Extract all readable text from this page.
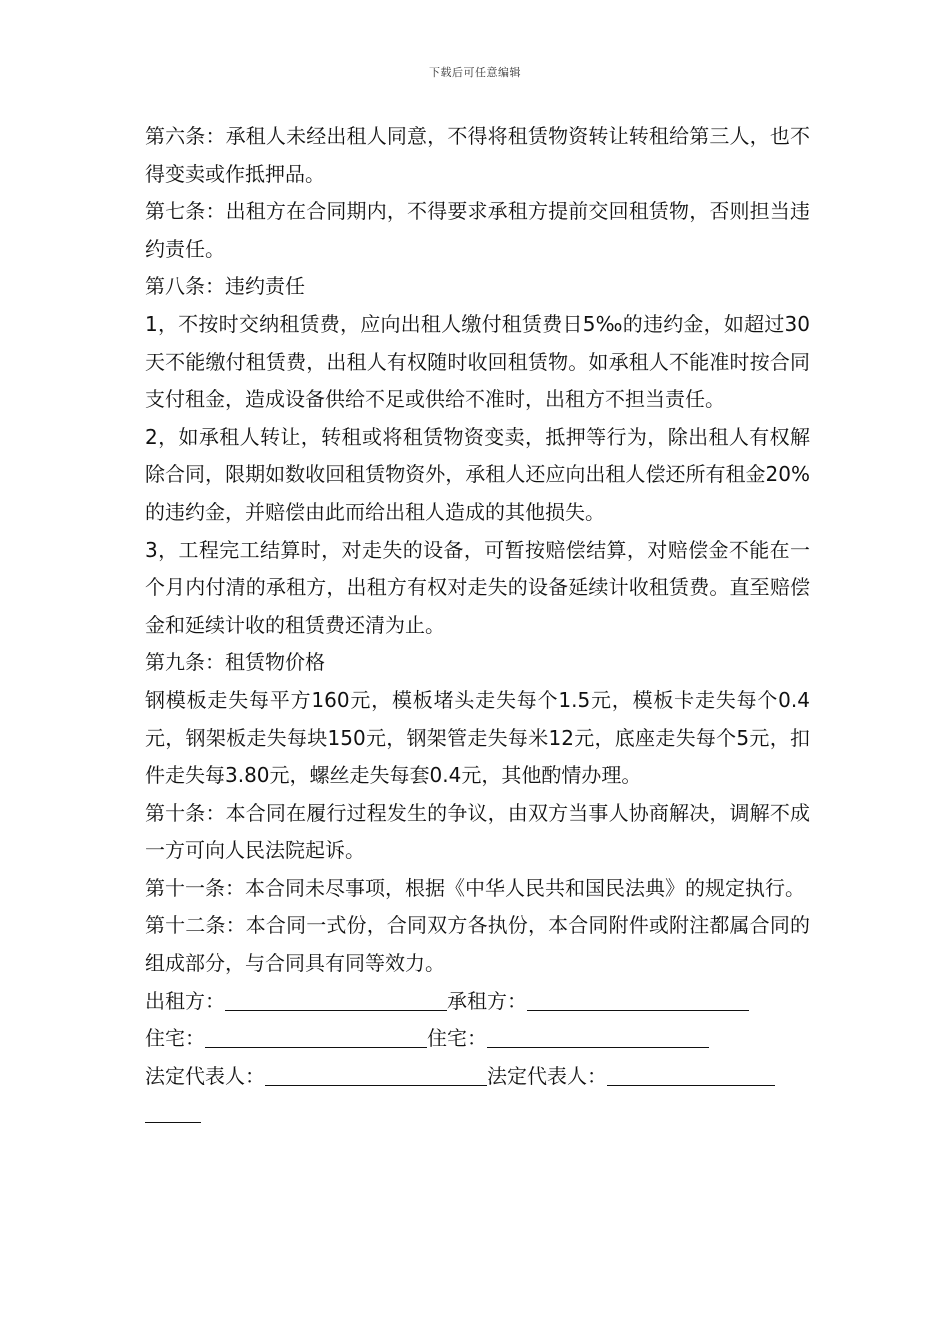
下载后可任意编辑

第六条：承租人未经出租人同意，不得将租赁物资转让转租给第三人，也不得变卖或作抵押品。

第七条：出租方在合同期内，不得要求承租方提前交回租赁物，否则担当违约责任。

第八条：违约责任

1，不按时交纳租赁费，应向出租人缴付租赁费日5‰的违约金，如超过30天不能缴付租赁费，出租人有权随时收回租赁物。如承租人不能准时按合同支付租金，造成设备供给不足或供给不准时，出租方不担当责任。

2，如承租人转让，转租或将租赁物资变卖，抵押等行为，除出租人有权解除合同，限期如数收回租赁物资外，承租人还应向出租人偿还所有租金20%的违约金，并赔偿由此而给出租人造成的其他损失。

3，工程完工结算时，对走失的设备，可暂按赔偿结算，对赔偿金不能在一个月内付清的承租方，出租方有权对走失的设备延续计收租赁费。直至赔偿金和延续计收的租赁费还清为止。

第九条：租赁物价格

钢模板走失每平方160元，模板堵头走失每个1.5元，模板卡走失每个0.4元，钢架板走失每块150元，钢架管走失每米12元，底座走失每个5元，扣件走失每3.80元，螺丝走失每套0.4元，其他酌情办理。

第十条：本合同在履行过程发生的争议，由双方当事人协商解决，调解不成一方可向人民法院起诉。

第十一条：本合同未尽事项，根据《中华人民共和国民法典》的规定执行。

第十二条：本合同一式份，合同双方各执份，本合同附件或附注都属合同的组成部分，与合同具有同等效力。

出租方：	承租方：

住宅：	住宅：

法定代表人：	法定代表人：
